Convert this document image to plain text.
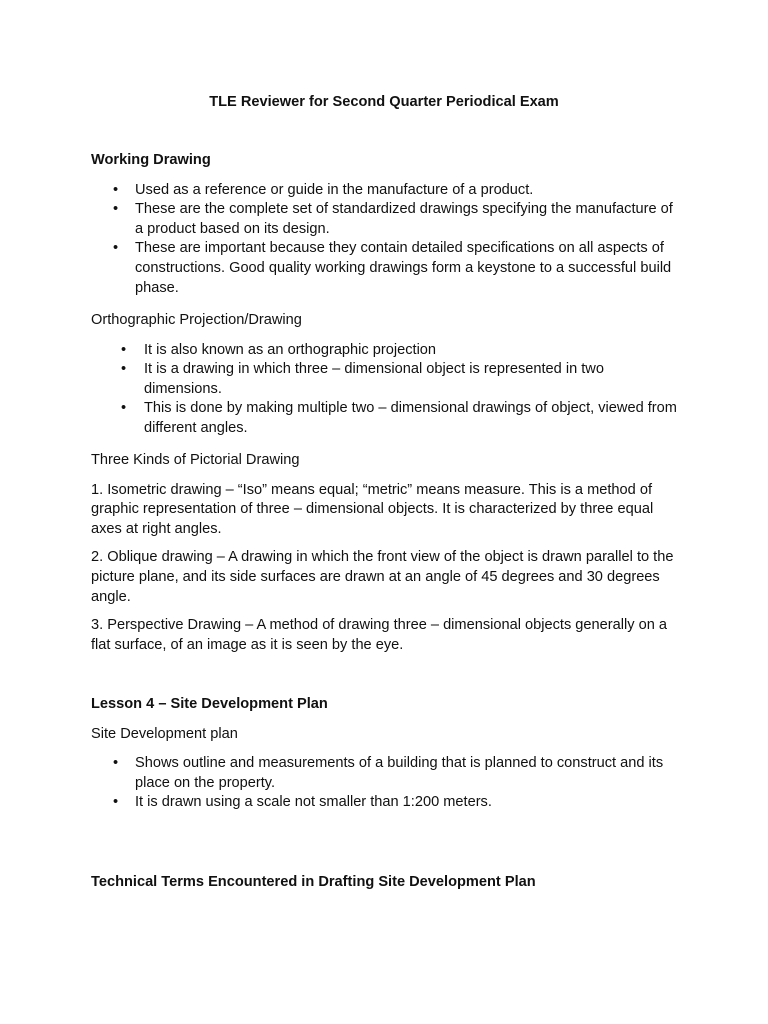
TLE Reviewer for Second Quarter Periodical Exam
Working Drawing
• Used as a reference or guide in the manufacture of a product.
• These are the complete set of standardized drawings specifying the manufacture of a product based on its design.
• These are important because they contain detailed specifications on all aspects of constructions. Good quality working drawings form a keystone to a successful build phase.

Orthographic Projection/Drawing

• It is also known as an orthographic projection
• It is a drawing in which three – dimensional object is represented in two dimensions.
• This is done by making multiple two – dimensional drawings of object, viewed from different angles.

Three Kinds of Pictorial Drawing

1. Isometric drawing – “Iso” means equal; “metric” means measure. This is a method of graphic representation of three – dimensional objects. It is characterized by three equal axes at right angles.

2. Oblique drawing – A drawing in which the front view of the object is drawn parallel to the picture plane, and its side surfaces are drawn at an angle of 45 degrees and 30 degrees angle.

3. Perspective Drawing – A method of drawing three – dimensional objects generally on a flat surface, of an image as it is seen by the eye.

Lesson 4 – Site Development Plan

Site Development plan

• Shows outline and measurements of a building that is planned to construct and its place on the property.
• It is drawn using a scale not smaller than 1:200 meters.
Technical Terms Encountered in Drafting Site Development Plan
